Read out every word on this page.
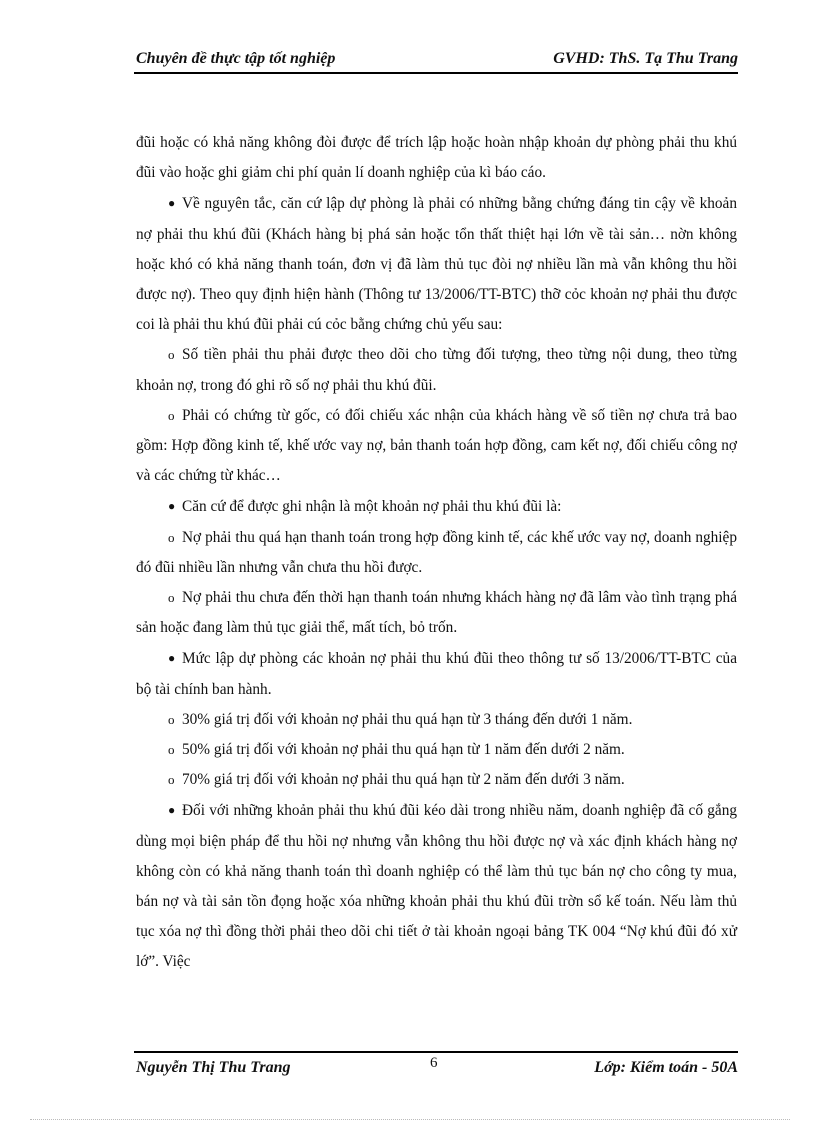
Chuyên đề thực tập tốt nghiệp	GVHD: ThS. Tạ Thu Trang

đũi hoặc có khả năng không đòi được để trích lập hoặc hoàn nhập khoản dự phòng phải thu khú đũi vào hoặc ghi giảm chi phí quản lí doanh nghiệp của kì báo cáo.

● Về nguyên tắc, căn cứ lập dự phòng là phải có những bằng chứng đáng tin cậy về khoản nợ phải thu khú đũi (Khách hàng bị phá sản hoặc tổn thất thiệt hại lớn về tài sản… nờn không hoặc khó có khả năng thanh toán, đơn vị đã làm thủ tục đòi nợ nhiều lần mà vẫn không thu hồi được nợ). Theo quy định hiện hành (Thông tư 13/2006/TT-BTC) thỡ cỏc khoản nợ phải thu được coi là phải thu khú đũi phải cú cỏc bằng chứng chủ yếu sau:

o Số tiền phải thu phải được theo dõi cho từng đối tượng, theo từng nội dung, theo từng khoản nợ, trong đó ghi rõ số nợ phải thu khú đũi.

o Phải có chứng từ gốc, có đối chiếu xác nhận của khách hàng về số tiền nợ chưa trả bao gồm: Hợp đồng kinh tế, khế ước vay nợ, bản thanh toán hợp đồng, cam kết nợ, đối chiếu công nợ và các chứng từ khác…

● Căn cứ để được ghi nhận là một khoản nợ phải thu khú đũi là:

o Nợ phải thu quá hạn thanh toán trong hợp đồng kinh tế, các khế ước vay nợ, doanh nghiệp đó đũi nhiều lần nhưng vẫn chưa thu hồi được.

o Nợ phải thu chưa đến thời hạn thanh toán nhưng khách hàng nợ đã lâm vào tình trạng phá sản hoặc đang làm thủ tục giải thể, mất tích, bỏ trốn.

● Mức lập dự phòng các khoản nợ phải thu khú đũi theo thông tư số 13/2006/TT-BTC của bộ tài chính ban hành.

o 30% giá trị đối với khoản nợ phải thu quá hạn từ 3 tháng đến dưới 1 năm.

o 50% giá trị đối với khoản nợ phải thu quá hạn từ 1 năm đến dưới 2 năm.

o 70% giá trị đối với khoản nợ phải thu quá hạn từ 2 năm đến dưới 3 năm.

● Đối với những khoản phải thu khú đũi kéo dài trong nhiều năm, doanh nghiệp đã cố gắng dùng mọi biện pháp để thu hồi nợ nhưng vẫn không thu hồi được nợ và xác định khách hàng nợ không còn có khả năng thanh toán thì doanh nghiệp có thể làm thủ tục bán nợ cho công ty mua, bán nợ và tài sản tồn đọng hoặc xóa những khoản phải thu khú đũi trờn sổ kế toán. Nếu làm thủ tục xóa nợ thì đồng thời phải theo dõi chi tiết ở tài khoản ngoại bảng TK 004 “Nợ khú đũi đó xử lớ”. Việc

Nguyễn Thị Thu Trang	6	Lớp: Kiểm toán - 50A
